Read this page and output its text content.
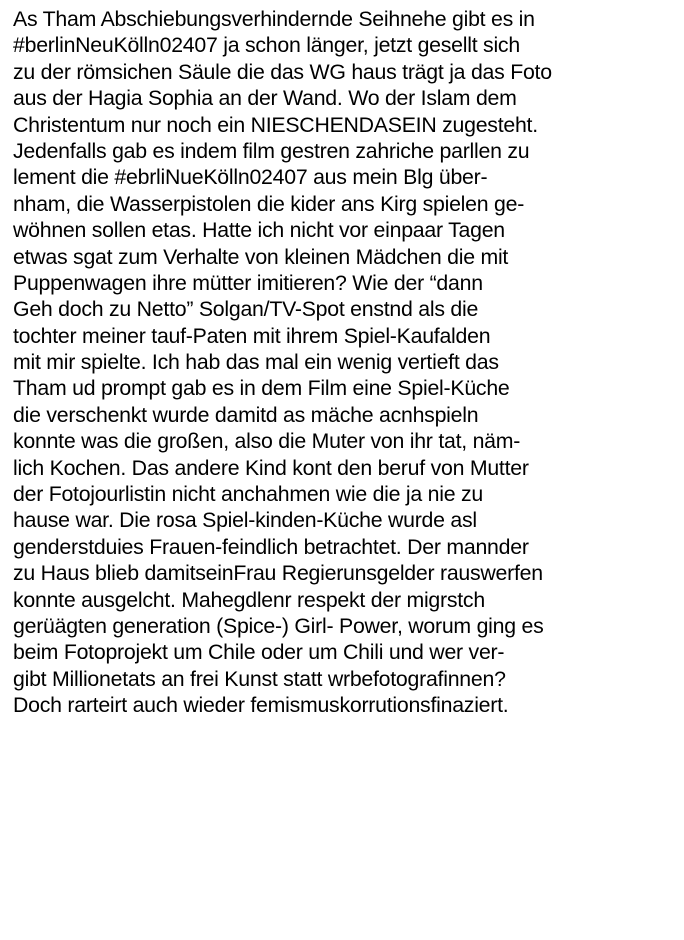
As Tham Abschiebungsverhindernde Seihnehe gibt es in
#berlinNeuKölln02407 ja schon länger, jetzt gesellt sich
zu der römsichen Säule die das WG haus trägt ja das Foto
aus der Hagia Sophia an der Wand. Wo der Islam dem
Christentum nur noch ein NIESCHENDASEIN zugesteht.
Jedenfalls gab es indem film gestren zahriche parllen zu
lement die #ebrliNueKölln02407 aus mein Blg über-
nham, die Wasserpistolen die kider ans Kirg spielen ge-
wöhnen sollen etas. Hatte ich nicht vor einpaar Tagen
etwas sgat zum Verhalte von kleinen Mädchen die mit
Puppenwagen ihre mütter imitieren? Wie der “dann
Geh doch zu Netto” Solgan/TV-Spot enstnd als die
tochter meiner tauf-Paten mit ihrem Spiel-Kaufalden
mit mir spielte. Ich hab das mal ein wenig vertieft das
Tham ud prompt gab es in dem Film eine Spiel-Küche
die verschenkt wurde damitd as mäche acnhspieln
konnte was die großen, also die Muter von ihr tat, näm-
lich Kochen. Das andere Kind kont den beruf von Mutter
der Fotojourlistin nicht anchahmen wie die ja nie zu
hause war. Die rosa Spiel-kinden-Küche wurde asl
genderstduies Frauen-feindlich betrachtet. Der mannder
zu Haus blieb damitseinFrau Regierunsgelder rauswerfen
konnte ausgelcht. Mahegdlenr respekt der migrstch
gerüägten generation (Spice-) Girl- Power, worum ging es
beim Fotoprojekt um Chile oder um Chili und wer ver-
gibt Millionetats an frei Kunst statt wrbefotografinnen?
Doch rarteirt auch wieder femismuskorrutionsfinaziert.
